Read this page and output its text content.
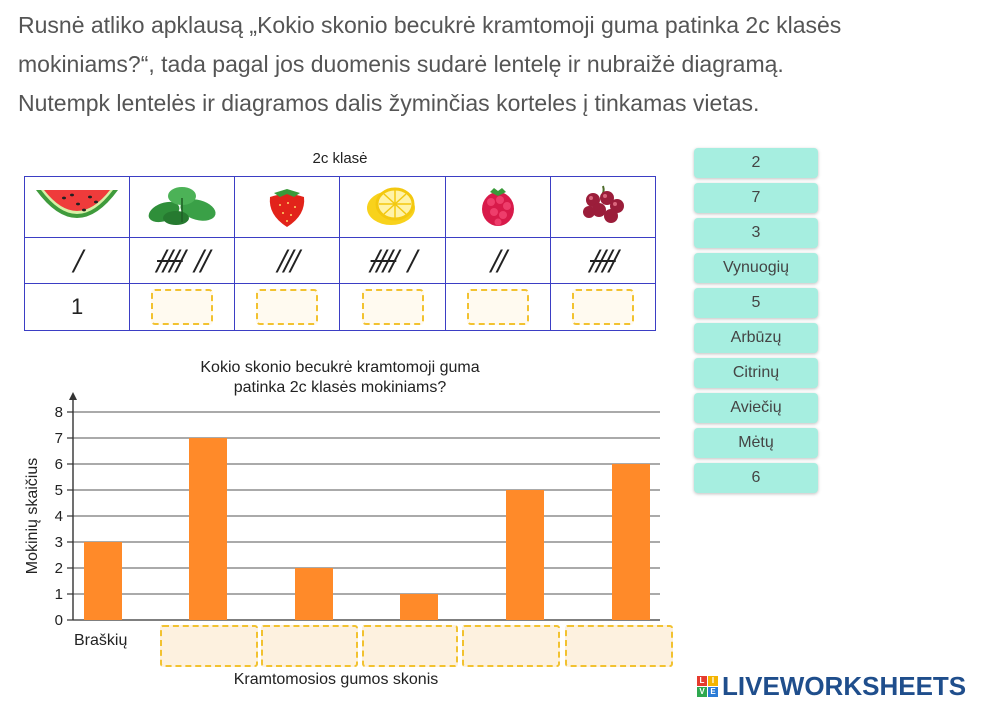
Rusnė atliko apklausą „Kokio skonio becukrė kramtomoji guma patinka 2c klasės
mokiniams?“, tada pagal jos duomenis sudarė lentelę ir nubraižė diagramą.
Nutempk lentelės ir diagramos dalis žyminčias korteles į tinkamas vietas.
2c klasė

/	////  //	///	////  /	//	////
1					
Kokio skonio becukrė kramtomoji guma
patinka 2c klasės mokiniams?
0
1
2
3
4
5
6
7
8
Mokinių skaičius
Braškių
Kramtomosios gumos skonis
2
7
3
Vynuogių
5
Arbūzų
Citrinų
Aviečių
Mėtų
6
L I
V E LIVEWORKSHEETS
